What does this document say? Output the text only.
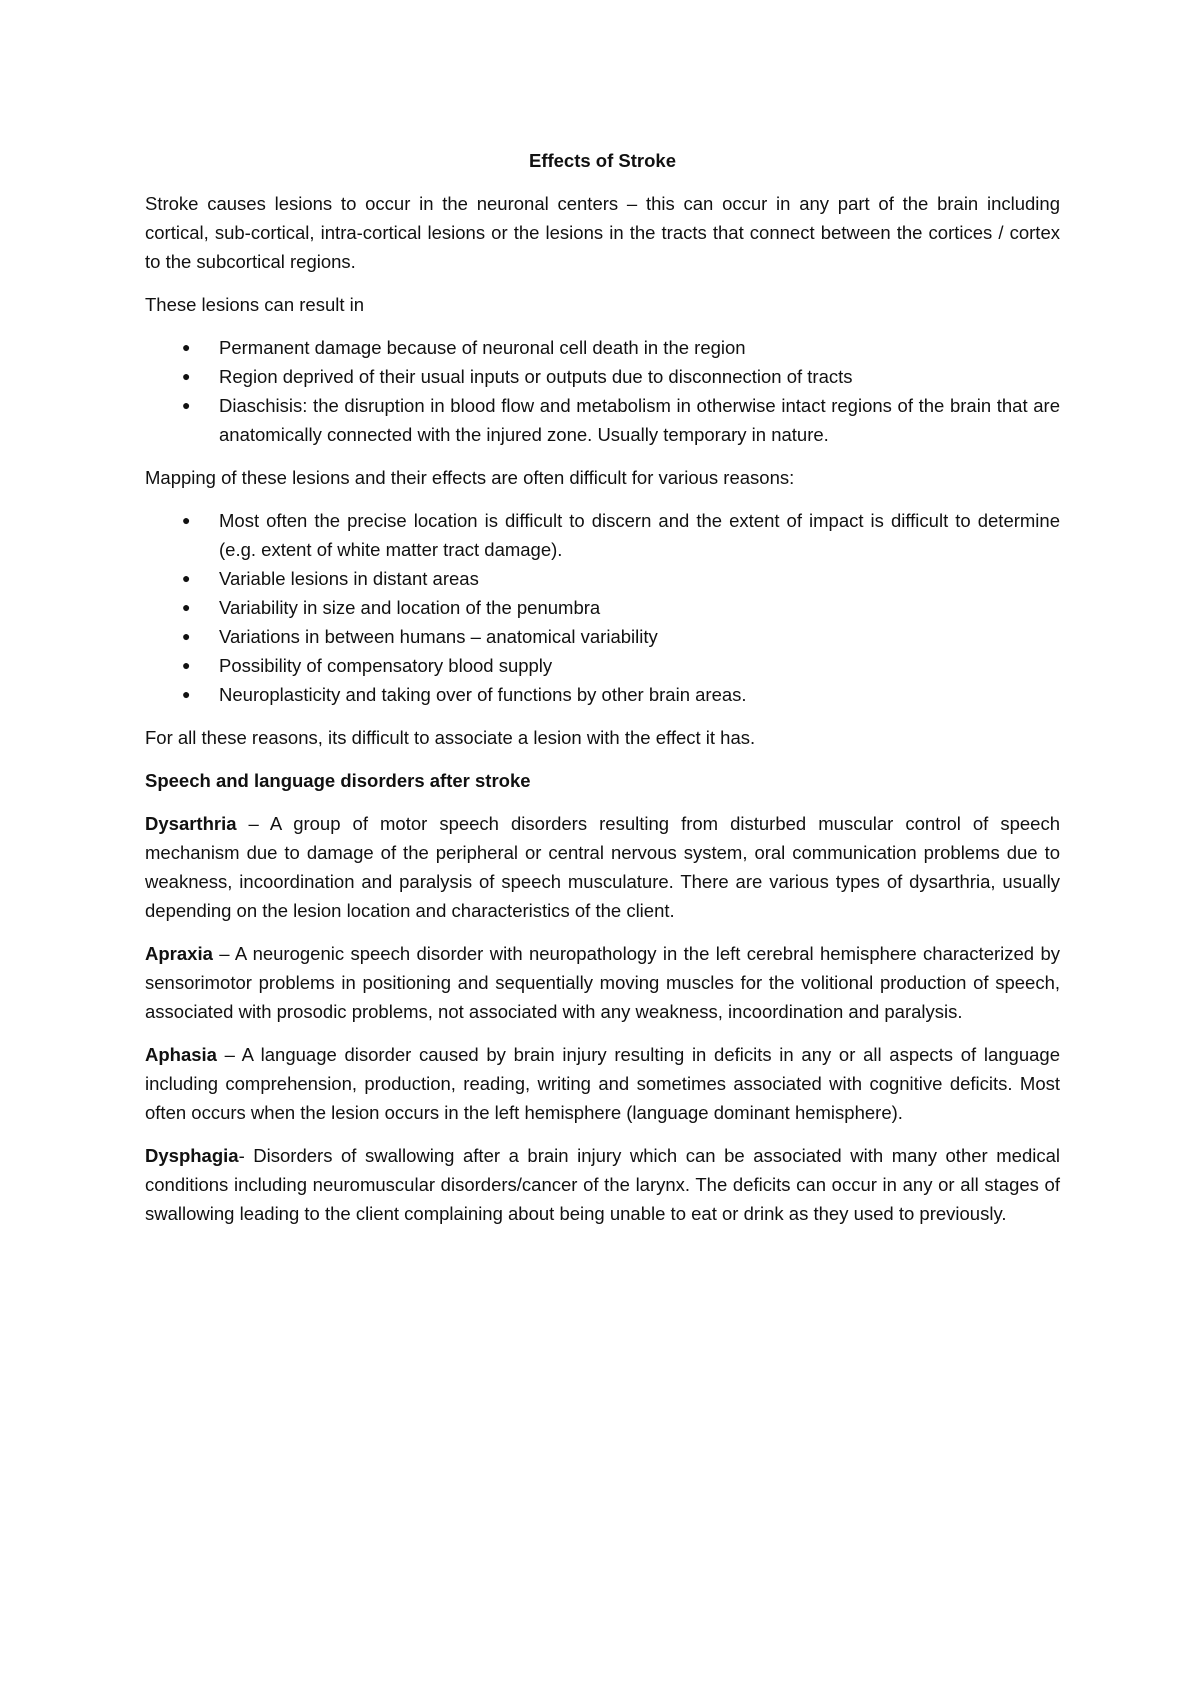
Effects of Stroke

Stroke causes lesions to occur in the neuronal centers – this can occur in any part of the brain including cortical, sub-cortical, intra-cortical lesions or the lesions in the tracts that connect between the cortices / cortex to the subcortical regions.

These lesions can result in

● Permanent damage because of neuronal cell death in the region
● Region deprived of their usual inputs or outputs due to disconnection of tracts
● Diaschisis: the disruption in blood flow and metabolism in otherwise intact regions of the brain that are anatomically connected with the injured zone. Usually temporary in nature.

Mapping of these lesions and their effects are often difficult for various reasons:

● Most often the precise location is difficult to discern and the extent of impact is difficult to determine (e.g. extent of white matter tract damage).
● Variable lesions in distant areas
● Variability in size and location of the penumbra
● Variations in between humans – anatomical variability
● Possibility of compensatory blood supply
● Neuroplasticity and taking over of functions by other brain areas.

For all these reasons, its difficult to associate a lesion with the effect it has.

Speech and language disorders after stroke

Dysarthria – A group of motor speech disorders resulting from disturbed muscular control of speech mechanism due to damage of the peripheral or central nervous system, oral communication problems due to weakness, incoordination and paralysis of speech musculature. There are various types of dysarthria, usually depending on the lesion location and characteristics of the client.

Apraxia – A neurogenic speech disorder with neuropathology in the left cerebral hemisphere characterized by sensorimotor problems in positioning and sequentially moving muscles for the volitional production of speech, associated with prosodic problems, not associated with any weakness, incoordination and paralysis.

Aphasia – A language disorder caused by brain injury resulting in deficits in any or all aspects of language including comprehension, production, reading, writing and sometimes associated with cognitive deficits. Most often occurs when the lesion occurs in the left hemisphere (language dominant hemisphere).

Dysphagia- Disorders of swallowing after a brain injury which can be associated with many other medical conditions including neuromuscular disorders/cancer of the larynx. The deficits can occur in any or all stages of swallowing leading to the client complaining about being unable to eat or drink as they used to previously.
